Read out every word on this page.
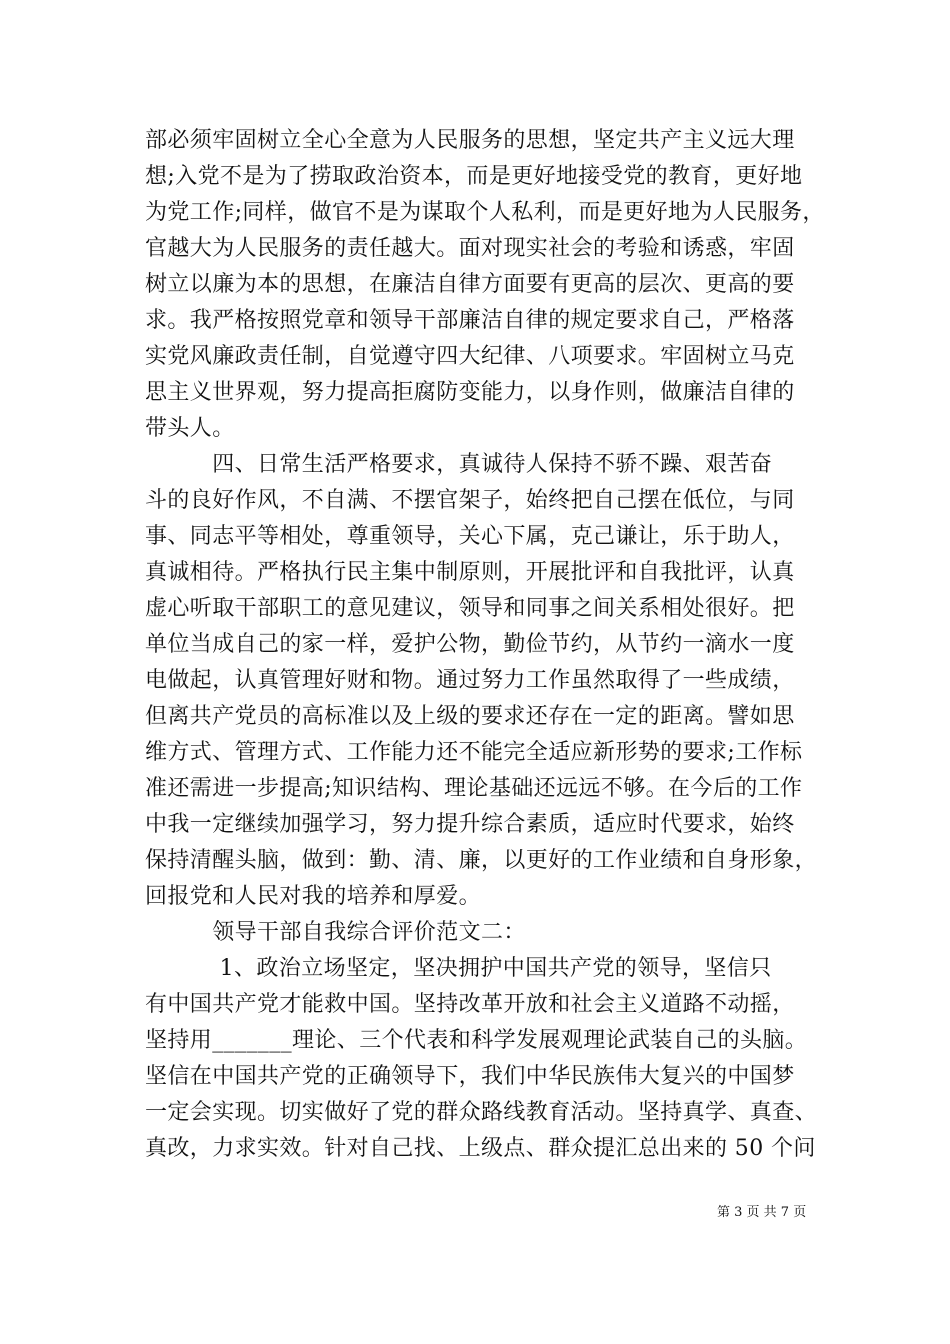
部必须牢固树立全心全意为人民服务的思想，坚定共产主义远大理
想;入党不是为了捞取政治资本，而是更好地接受党的教育，更好地
为党工作;同样，做官不是为谋取个人私利，而是更好地为人民服务，
官越大为人民服务的责任越大。面对现实社会的考验和诱惑，牢固
树立以廉为本的思想，在廉洁自律方面要有更高的层次、更高的要
求。我严格按照党章和领导干部廉洁自律的规定要求自己，严格落
实党风廉政责任制，自觉遵守四大纪律、八项要求。牢固树立马克
思主义世界观，努力提高拒腐防变能力，以身作则，做廉洁自律的
带头人。
　　　四、日常生活严格要求，真诚待人保持不骄不躁、艰苦奋
斗的良好作风，不自满、不摆官架子，始终把自己摆在低位，与同
事、同志平等相处，尊重领导，关心下属，克己谦让，乐于助人，
真诚相待。严格执行民主集中制原则，开展批评和自我批评，认真
虚心听取干部职工的意见建议，领导和同事之间关系相处很好。把
单位当成自己的家一样，爱护公物，勤俭节约，从节约一滴水一度
电做起，认真管理好财和物。通过努力工作虽然取得了一些成绩，
但离共产党员的高标准以及上级的要求还存在一定的距离。譬如思
维方式、管理方式、工作能力还不能完全适应新形势的要求;工作标
准还需进一步提高;知识结构、理论基础还远远不够。在今后的工作
中我一定继续加强学习，努力提升综合素质，适应时代要求，始终
保持清醒头脑，做到：勤、清、廉，以更好的工作业绩和自身形象，
回报党和人民对我的培养和厚爱。
　　　领导干部自我综合评价范文二：
　　　 1、政治立场坚定，坚决拥护中国共产党的领导，坚信只
有中国共产党才能救中国。坚持改革开放和社会主义道路不动摇，
坚持用_______理论、三个代表和科学发展观理论武装自己的头脑。
坚信在中国共产党的正确领导下，我们中华民族伟大复兴的中国梦
一定会实现。切实做好了党的群众路线教育活动。坚持真学、真查、
真改，力求实效。针对自己找、上级点、群众提汇总出来的 50 个问
第 3 页 共 7 页
